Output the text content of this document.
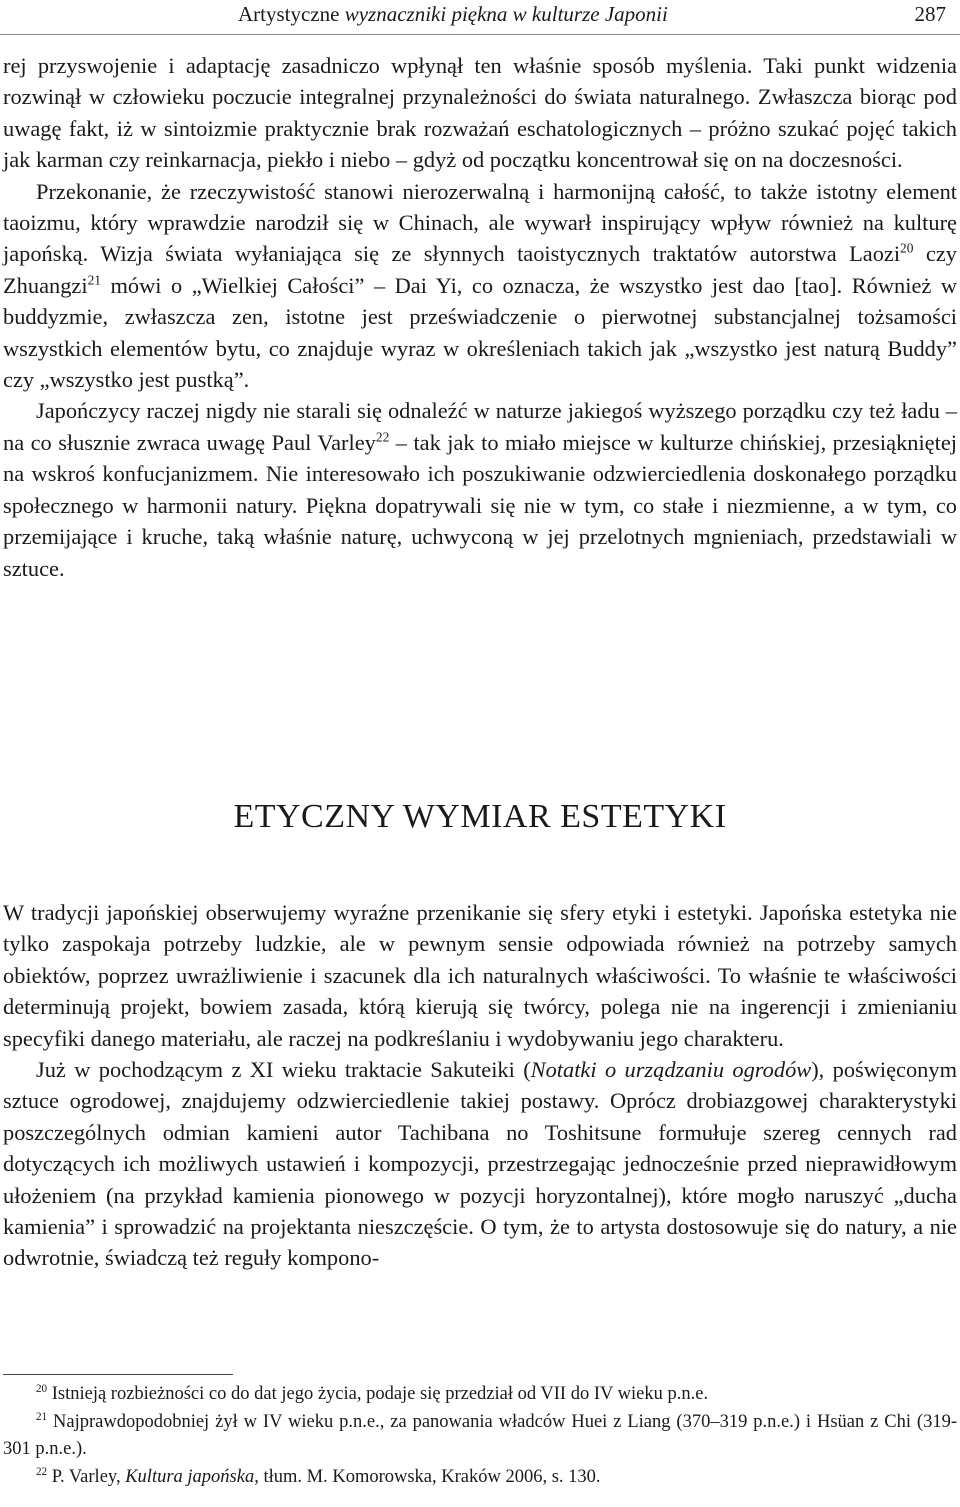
Artystyczne wyznaczniki piękna w kulturze Japonii	287

rej przyswojenie i adaptację zasadniczo wpłynął ten właśnie sposób myślenia. Taki punkt widzenia rozwinął w człowieku poczucie integralnej przynależności do świata naturalnego. Zwłaszcza biorąc pod uwagę fakt, iż w sintoizmie praktycznie brak rozważań eschatologicznych – próżno szukać pojęć takich jak karman czy reinkarnacja, piekło i niebo – gdyż od początku koncentrował się on na doczesności.

Przekonanie, że rzeczywistość stanowi nierozerwalną i harmonijną całość, to także istotny element taoizmu, który wprawdzie narodził się w Chinach, ale wywarł inspirujący wpływ również na kulturę japońską. Wizja świata wyłaniająca się ze słynnych taoistycznych traktatów autorstwa Laozi$^{20}$ czy Zhuangzi$^{21}$ mówi o „Wielkiej Całości” – Dai Yi, co oznacza, że wszystko jest dao [tao]. Również w buddyzmie, zwłaszcza zen, istotne jest przeświadczenie o pierwotnej substancjalnej tożsamości wszystkich elementów bytu, co znajduje wyraz w określeniach takich jak „wszystko jest naturą Buddy” czy „wszystko jest pustką”.

Japończycy raczej nigdy nie starali się odnaleźć w naturze jakiegoś wyższego porządku czy też ładu – na co słusznie zwraca uwagę Paul Varley$^{22}$ – tak jak to miało miejsce w kulturze chińskiej, przesiąkniętej na wskroś konfucjanizmem. Nie interesowało ich poszukiwanie odzwierciedlenia doskonałego porządku społecznego w harmonii natury. Piękna dopatrywali się nie w tym, co stałe i niezmienne, a w tym, co przemijające i kruche, taką właśnie naturę, uchwyconą w jej przelotnych mgnieniach, przedstawiali w sztuce.

ETYCZNY WYMIAR ESTETYKI

W tradycji japońskiej obserwujemy wyraźne przenikanie się sfery etyki i estetyki. Japońska estetyka nie tylko zaspokaja potrzeby ludzkie, ale w pewnym sensie odpowiada również na potrzeby samych obiektów, poprzez uwrażliwienie i szacunek dla ich naturalnych właściwości. To właśnie te właściwości determinują projekt, bowiem zasada, którą kierują się twórcy, polega nie na ingerencji i zmienianiu specyfiki danego materiału, ale raczej na podkreślaniu i wydobywaniu jego charakteru.

Już w pochodzącym z XI wieku traktacie Sakuteiki (Notatki o urządzaniu ogrodów), poświęconym sztuce ogrodowej, znajdujemy odzwierciedlenie takiej postawy. Oprócz drobiazgowej charakterystyki poszczególnych odmian kamieni autor Tachibana no Toshitsune formułuje szereg cennych rad dotyczących ich możliwych ustawień i kompozycji, przestrzegając jednocześnie przed nieprawidłowym ułożeniem (na przykład kamienia pionowego w pozycji horyzontalnej), które mogło naruszyć „ducha kamienia” i sprowadzić na projektanta nieszczęście. O tym, że to artysta dostosowuje się do natury, a nie odwrotnie, świadczą też reguły kompono-

$^{20}$ Istnieją rozbieżności co do dat jego życia, podaje się przedział od VII do IV wieku p.n.e.

$^{21}$ Najprawdopodobniej żył w IV wieku p.n.e., za panowania władców Huei z Liang (370–319 p.n.e.) i Hsüan z Chi (319-301 p.n.e.).

$^{22}$ P. Varley, Kultura japońska, tłum. M. Komorowska, Kraków 2006, s. 130.
